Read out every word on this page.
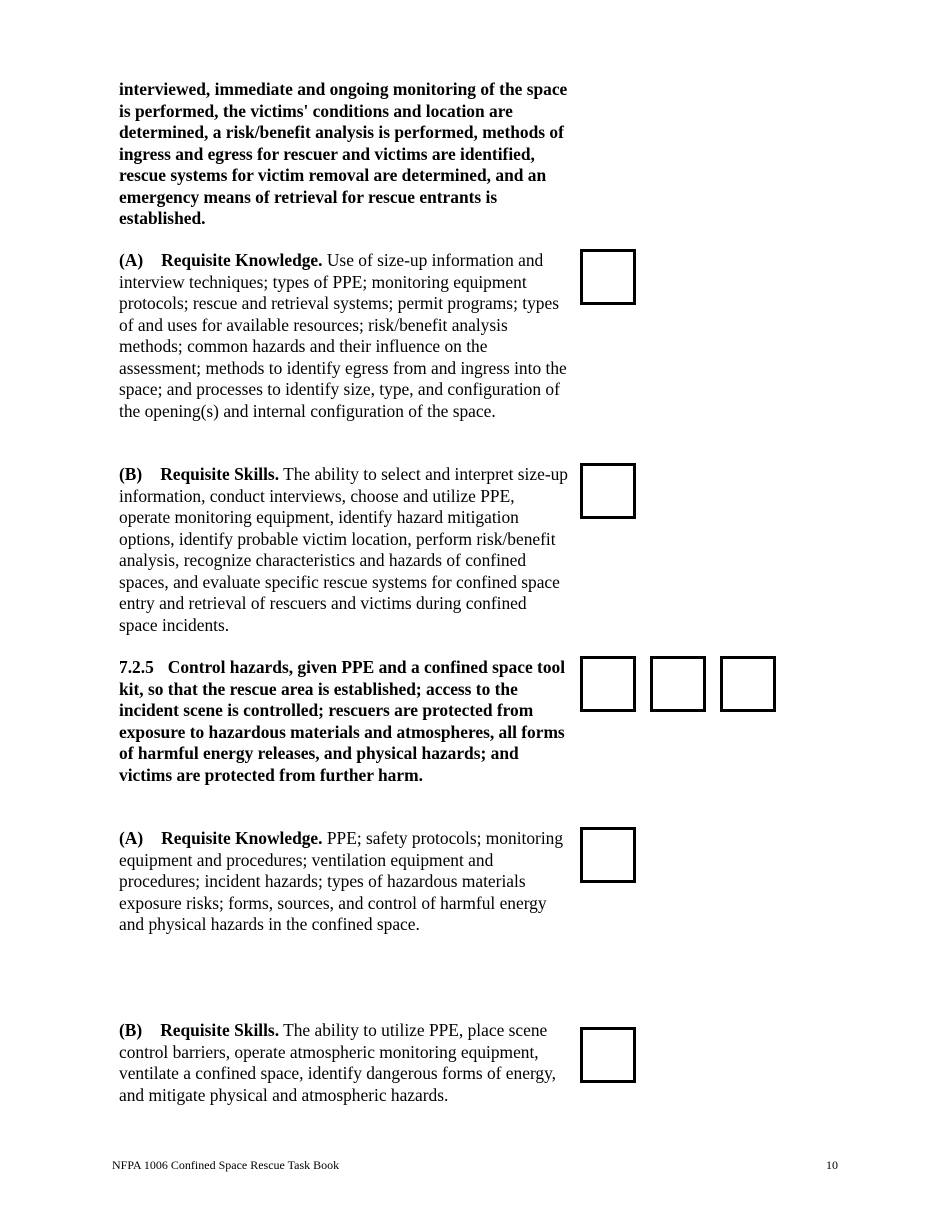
interviewed, immediate and ongoing monitoring of the space is performed, the victims' conditions and location are determined, a risk/benefit analysis is performed, methods of ingress and egress for rescuer and victims are identified, rescue systems for victim removal are determined, and an emergency means of retrieval for rescue entrants is established.
(A) Requisite Knowledge. Use of size-up information and interview techniques; types of PPE; monitoring equipment protocols; rescue and retrieval systems; permit programs; types of and uses for available resources; risk/benefit analysis methods; common hazards and their influence on the assessment; methods to identify egress from and ingress into the space; and processes to identify size, type, and configuration of the opening(s) and internal configuration of the space.
(B) Requisite Skills. The ability to select and interpret size-up information, conduct interviews, choose and utilize PPE, operate monitoring equipment, identify hazard mitigation options, identify probable victim location, perform risk/benefit analysis, recognize characteristics and hazards of confined spaces, and evaluate specific rescue systems for confined space entry and retrieval of rescuers and victims during confined space incidents.
7.2.5 Control hazards, given PPE and a confined space tool kit, so that the rescue area is established; access to the incident scene is controlled; rescuers are protected from exposure to hazardous materials and atmospheres, all forms of harmful energy releases, and physical hazards; and victims are protected from further harm.
(A) Requisite Knowledge. PPE; safety protocols; monitoring equipment and procedures; ventilation equipment and procedures; incident hazards; types of hazardous materials exposure risks; forms, sources, and control of harmful energy and physical hazards in the confined space.
(B) Requisite Skills. The ability to utilize PPE, place scene control barriers, operate atmospheric monitoring equipment, ventilate a confined space, identify dangerous forms of energy, and mitigate physical and atmospheric hazards.
NFPA 1006 Confined Space Rescue Task Book	10
